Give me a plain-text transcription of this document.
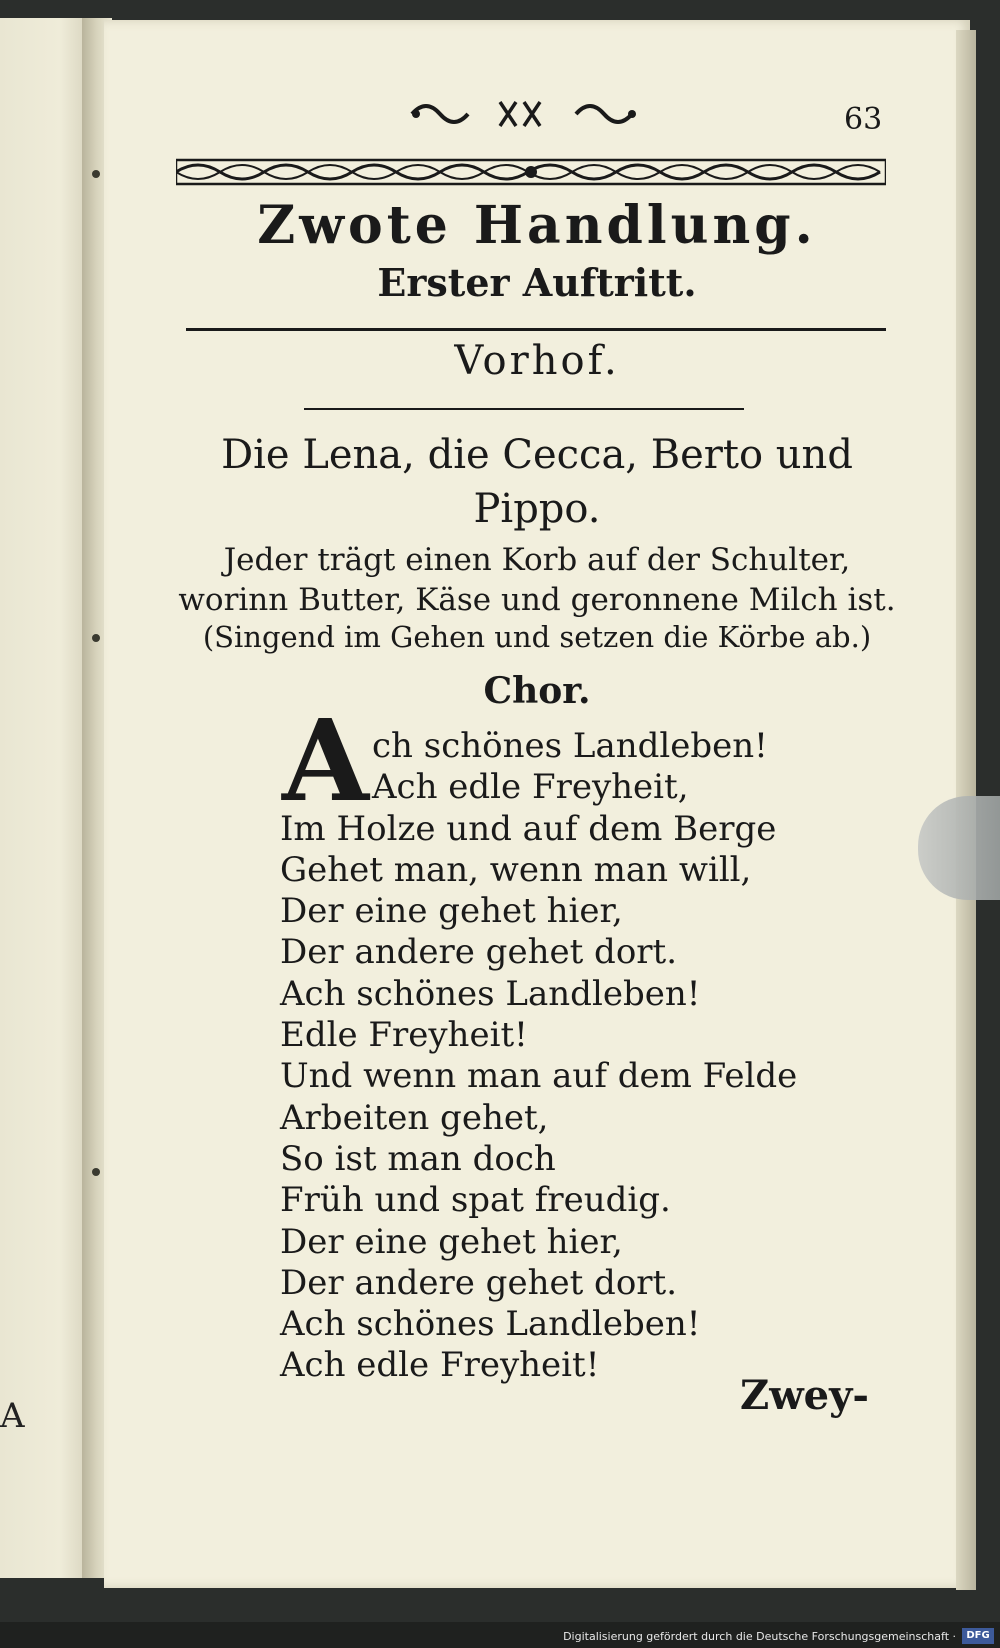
A
63
Zwote Handlung.
Erster Auftritt.
Vorhof.
Die Lena, die Cecca, Berto und Pippo.
Jeder trägt einen Korb auf der Schulter, worinn Butter, Käse und geronnene Milch ist.
(Singend im Gehen und setzen die Körbe ab.)
Chor.
A ch schönes Landleben!
Ach edle Freyheit,
Im Holze und auf dem Berge
Gehet man, wenn man will,
Der eine gehet hier,
Der andere gehet dort.
Ach schönes Landleben!
Edle Freyheit!
Und wenn man auf dem Felde
Arbeiten gehet,
So ist man doch
Früh und spat freudig.
Der eine gehet hier,
Der andere gehet dort.
Ach schönes Landleben!
Ach edle Freyheit!
Zwey-
Digitalisierung gefördert durch die Deutsche Forschungsgemeinschaft ·	DFG
